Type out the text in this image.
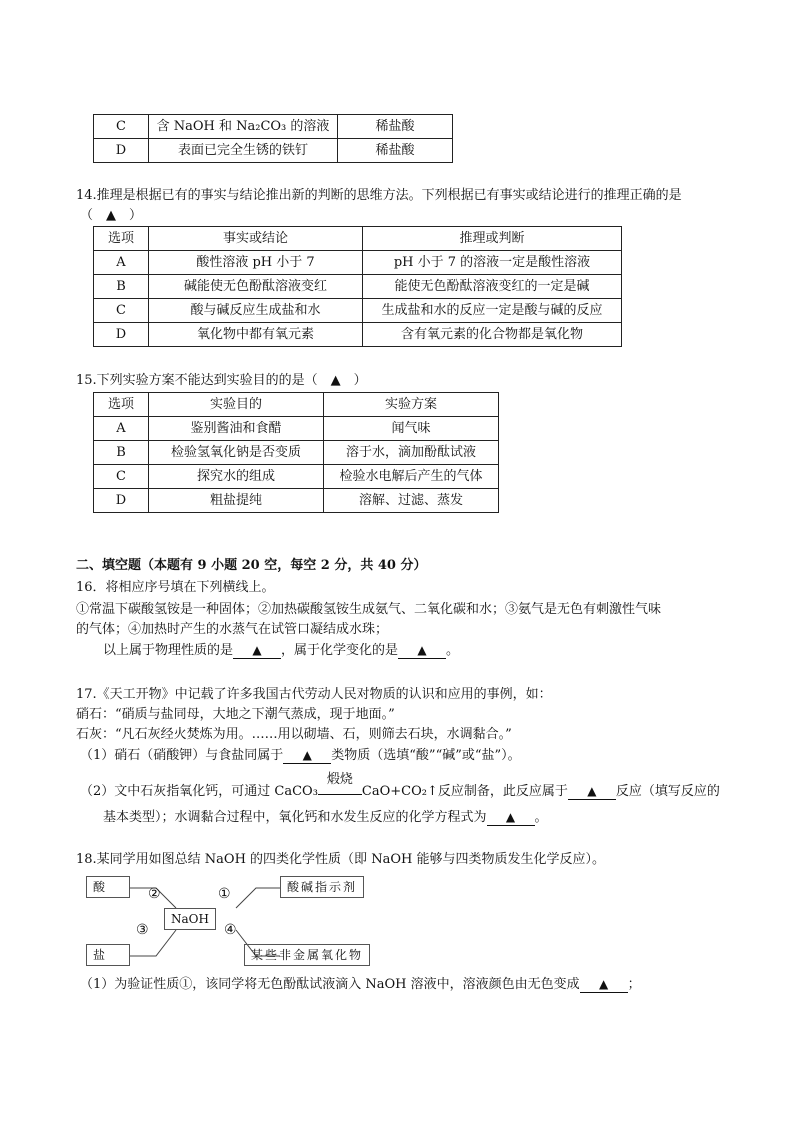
C	含 NaOH 和 Na₂CO₃ 的溶液	稀盐酸
D	表面已完全生锈的铁钉	稀盐酸
14.推理是根据已有的事实与结论推出新的判断的思维方法。下列根据已有事实或结论进行的推理正确的是
（　▲　）
选项	事实或结论	推理或判断
A	酸性溶液 pH 小于 7	pH 小于 7 的溶液一定是酸性溶液
B	碱能使无色酚酞溶液变红	能使无色酚酞溶液变红的一定是碱
C	酸与碱反应生成盐和水	生成盐和水的反应一定是酸与碱的反应
D	氧化物中都有氧元素	含有氧元素的化合物都是氧化物
15.下列实验方案不能达到实验目的的是（　▲　）
选项	实验目的	实验方案
A	鉴别酱油和食醋	闻气味
B	检验氢氧化钠是否变质	溶于水，滴加酚酞试液
C	探究水的组成	检验水电解后产生的气体
D	粗盐提纯	溶解、过滤、蒸发
二、填空题（本题有 9 小题 20 空，每空 2 分，共 40 分）
16．将相应序号填在下列横线上。
①常温下碳酸氢铵是一种固体；②加热碳酸氢铵生成氨气、二氧化碳和水；③氨气是无色有刺激性气味
的气体；④加热时产生的水蒸气在试管口凝结成水珠；
以上属于物理性质的是 ▲ ，属于化学变化的是 ▲ 。
17.《天工开物》中记载了许多我国古代劳动人民对物质的认识和应用的事例，如：
硝石：“硝质与盐同母，大地之下潮气蒸成，现于地面。”
石灰：“凡石灰经火焚炼为用。……用以砌墙、石，则筛去石块，水调黏合。”
（1）硝石（硝酸钾）与食盐同属于 ▲ 类物质（选填“酸”“碱”或“盐”）。
（2）文中石灰指氧化钙，可通过 CaCO₃
煅烧
CaO+CO₂↑反应制备，此反应属于 ▲ 反应（填写反应的
基本类型）；水调黏合过程中，氧化钙和水发生反应的化学方程式为 ▲ 。
18.某同学用如图总结 NaOH 的四类化学性质（即 NaOH 能够与四类物质发生化学反应）。
酸	酸碱指示剂
NaOH
盐	某些非金属氧化物
②	①
③	④
（1）为验证性质①，该同学将无色酚酞试液滴入 NaOH 溶液中，溶液颜色由无色变成 ▲ ；
